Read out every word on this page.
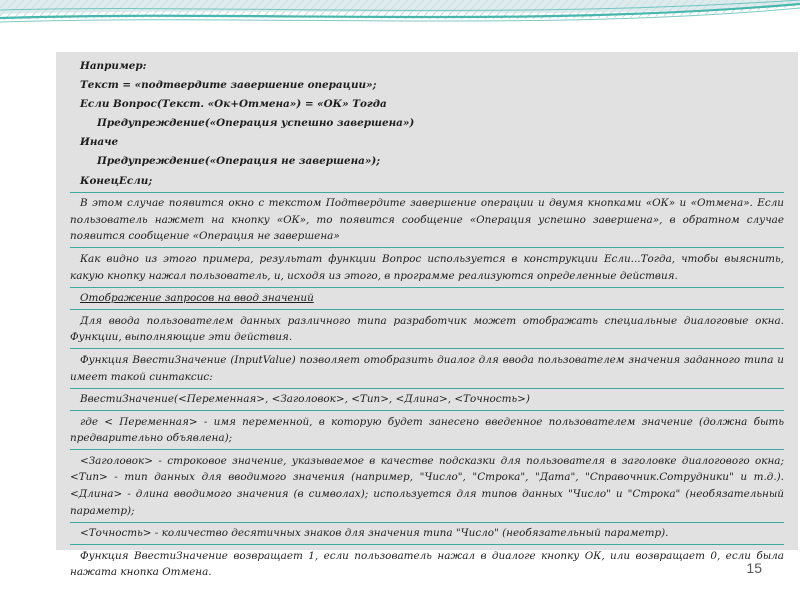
Например:

Текст = «подтвердите завершение операции»;

Если Вопрос(Текст. «Ок+Отмена») = «ОК» Тогда

Предупреждение(«Операция успешно завершена»)

Иначе

Предупреждение(«Операция не завершена»);

КонецЕсли;

В этом случае появится окно с текстом Подтвердите завершение операции и двумя кнопками «ОК» и «Отмена». Если пользователь нажмет на кнопку «ОК», то появится сообщение «Операция успешно завершена», в обратном случае появится сообщение «Операция не завершена»

Как видно из этого примера, результат функции Вопрос используется в конструкции Если...Тогда, чтобы выяснить, какую кнопку нажал пользователь, и, исходя из этого, в программе реализуются определенные действия.

Отображение запросов на ввод значений

Для ввода пользователем данных различного типа разработчик может отображать специальные диалоговые окна. Функции, выполняющие эти действия.

Функция ВвестиЗначение (InputValue) позволяет отобразить диалог для ввода пользователем значения заданного типа и имеет такой синтаксис:

ВвестиЗначение(<Переменная>, <Заголовок>, <Тип>, <Длина>, <Точность>)

где < Переменная> - имя переменной, в которую будет занесено введенное пользователем значение (должна быть предварительно объявлена);

<Заголовок> - строковое значение, указываемое в качестве подсказки для пользователя в заголовке диалогового окна; <Тип> - тип данных для вводимого значения (например, "Число", "Строка", "Дата", "Справочник.Сотрудники" и т.д.). <Длина> - длина вводимого значения (в символах); используется для типов данных "Число" и "Строка" (необязательный параметр);

<Точность> - количество десятичных знаков для значения типа "Число" (необязательный параметр).

Функция ВвестиЗначение возвращает 1, если пользователь нажал в диалоге кнопку ОК, или возвращает 0, если была нажата кнопка Отмена.	15
